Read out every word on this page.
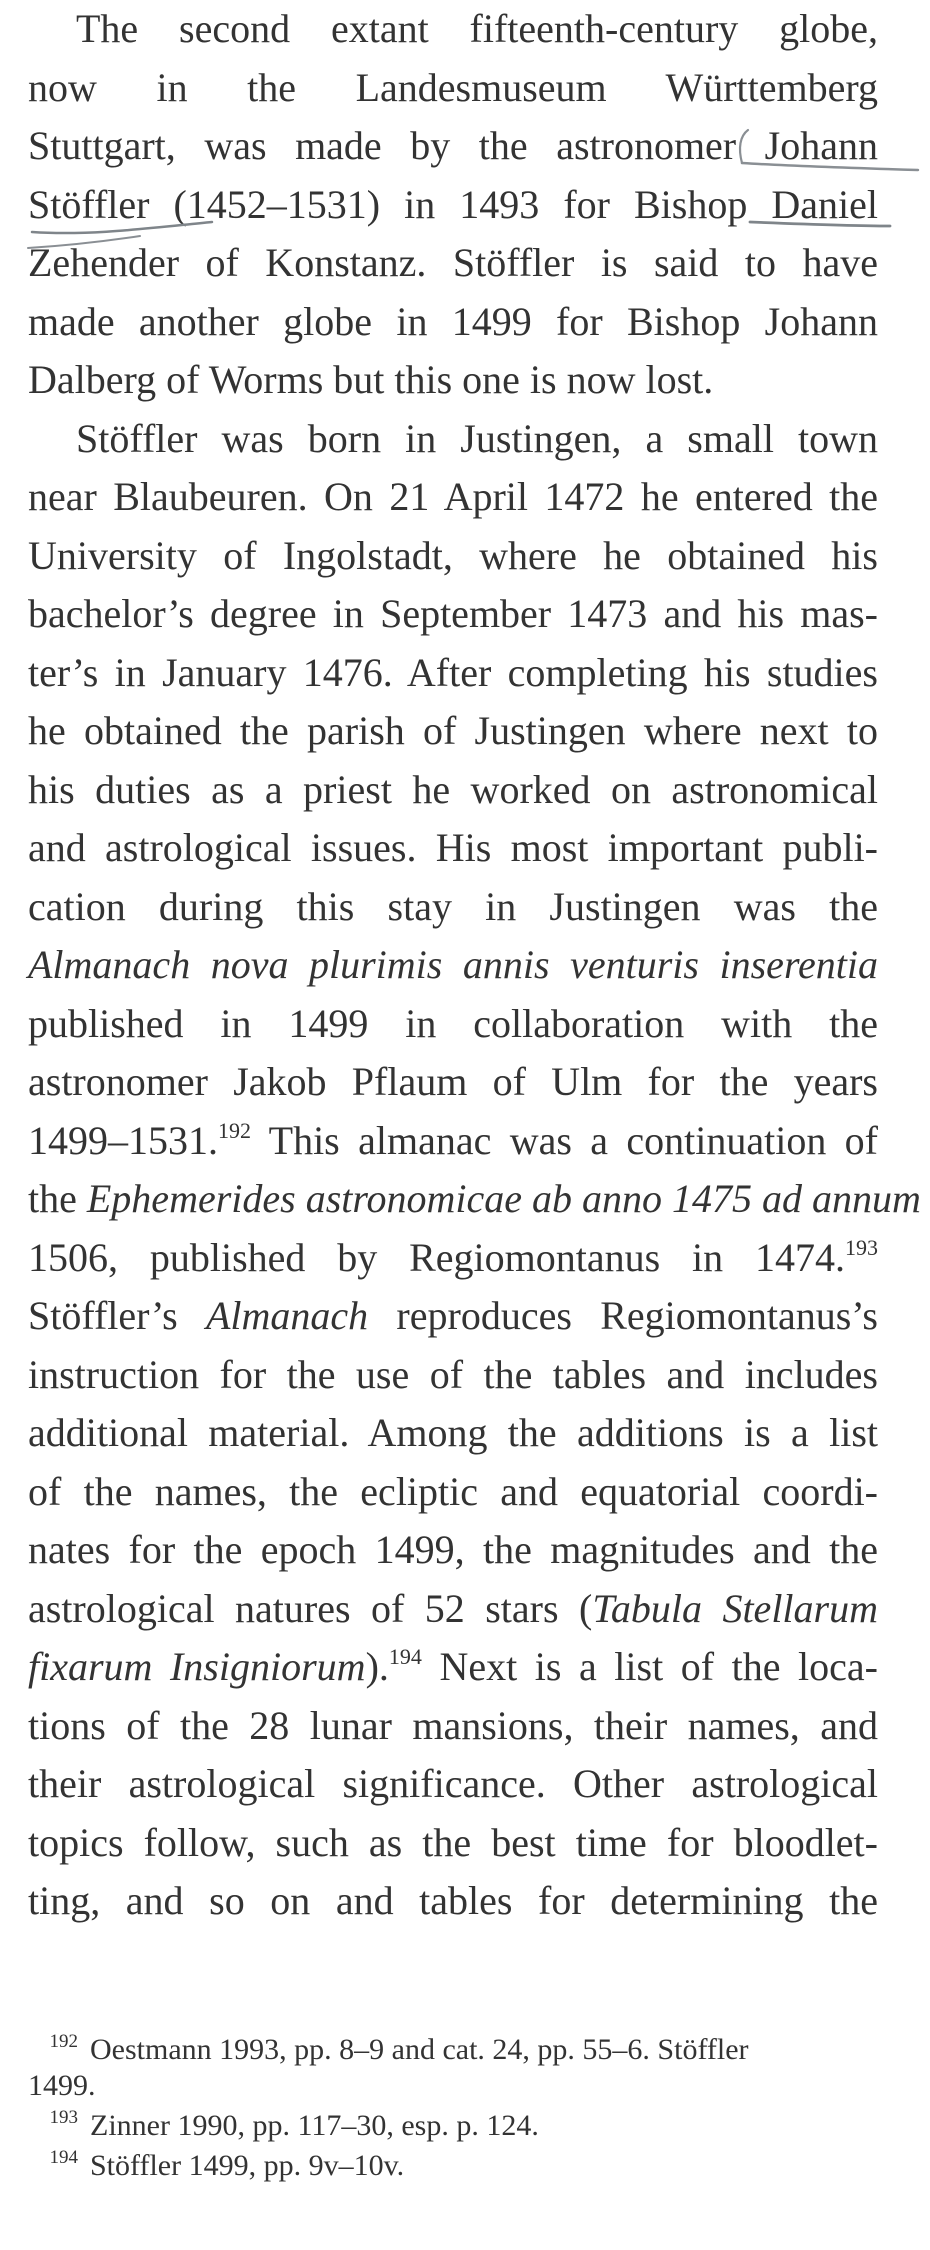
The second extant fifteenth-century globe,
now in the Landesmuseum Württemberg
Stuttgart, was made by the astronomer Johann
Stöffler (1452–1531) in 1493 for Bishop Daniel
Zehender of Konstanz. Stöffler is said to have
made another globe in 1499 for Bishop Johann
Dalberg of Worms but this one is now lost.
Stöffler was born in Justingen, a small town
near Blaubeuren. On 21 April 1472 he entered the
University of Ingolstadt, where he obtained his
bachelor’s degree in September 1473 and his mas-
ter’s in January 1476. After completing his studies
he obtained the parish of Justingen where next to
his duties as a priest he worked on astronomical
and astrological issues. His most important publi-
cation during this stay in Justingen was the
Almanach nova plurimis annis venturis inserentia
published in 1499 in collaboration with the
astronomer Jakob Pflaum of Ulm for the years
1499–1531.$^{192}$ This almanac was a continuation of
the Ephemerides astronomicae ab anno 1475 ad annum
1506, published by Regiomontanus in 1474.$^{193}$
Stöffler’s Almanach reproduces Regiomontanus’s
instruction for the use of the tables and includes
additional material. Among the additions is a list
of the names, the ecliptic and equatorial coordi-
nates for the epoch 1499, the magnitudes and the
astrological natures of 52 stars (Tabula Stellarum
fixarum Insigniorum).$^{194}$ Next is a list of the loca-
tions of the 28 lunar mansions, their names, and
their astrological significance. Other astrological
topics follow, such as the best time for bloodlet-
ting, and so on and tables for determining the
192 Oestmann 1993, pp. 8–9 and cat. 24, pp. 55–6. Stöffler
1499.
193 Zinner 1990, pp. 117–30, esp. p. 124.
194 Stöffler 1499, pp. 9v–10v.
